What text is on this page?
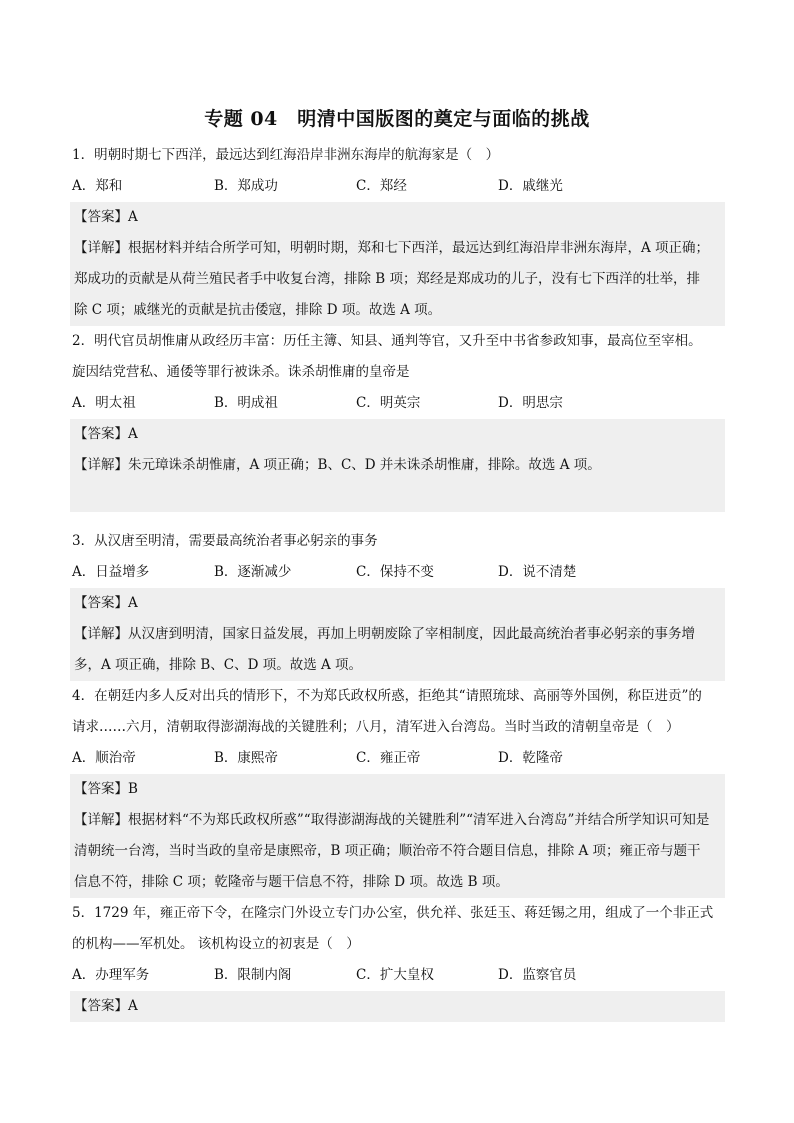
专题 04　明清中国版图的奠定与面临的挑战
1．明朝时期七下西洋，最远达到红海沿岸非洲东海岸的航海家是（　）
A．郑和	B．郑成功	C．郑经	D．戚继光
【答案】A
【详解】根据材料并结合所学可知，明朝时期，郑和七下西洋，最远达到红海沿岸非洲东海岸，A 项正确；
郑成功的贡献是从荷兰殖民者手中收复台湾，排除 B 项；郑经是郑成功的儿子，没有七下西洋的壮举，排
除 C 项；戚继光的贡献是抗击倭寇，排除 D 项。故选 A 项。
2．明代官员胡惟庸从政经历丰富：历任主簿、知县、通判等官，又升至中书省参政知事，最高位至宰相。
旋因结党营私、通倭等罪行被诛杀。诛杀胡惟庸的皇帝是
A．明太祖	B．明成祖	C．明英宗	D．明思宗
【答案】A
【详解】朱元璋诛杀胡惟庸，A 项正确；B、C、D 并未诛杀胡惟庸，排除。故选 A 项。
3．从汉唐至明清，需要最高统治者事必躬亲的事务
A．日益增多	B．逐渐减少	C．保持不变	D．说不清楚
【答案】A
【详解】从汉唐到明清，国家日益发展，再加上明朝废除了宰相制度，因此最高统治者事必躬亲的事务增
多，A 项正确，排除 B、C、D 项。故选 A 项。
4．在朝廷内多人反对出兵的情形下，不为郑氏政权所惑，拒绝其“请照琉球、高丽等外国例，称臣进贡”的
请求……六月，清朝取得澎湖海战的关键胜利；八月，清军进入台湾岛。当时当政的清朝皇帝是（　）
A．顺治帝	B．康熙帝	C．雍正帝	D．乾隆帝
【答案】B
【详解】根据材料“不为郑氏政权所惑”“取得澎湖海战的关键胜利”“清军进入台湾岛”并结合所学知识可知是
清朝统一台湾，当时当政的皇帝是康熙帝，B 项正确；顺治帝不符合题目信息，排除 A 项；雍正帝与题干
信息不符，排除 C 项；乾隆帝与题干信息不符，排除 D 项。故选 B 项。
5．1729 年，雍正帝下令，在隆宗门外设立专门办公室，供允祥、张廷玉、蒋廷锡之用，组成了一个非正式
的机构——军机处。 该机构设立的初衷是（　）
A．办理军务	B．限制内阁	C．扩大皇权	D．监察官员
【答案】A
